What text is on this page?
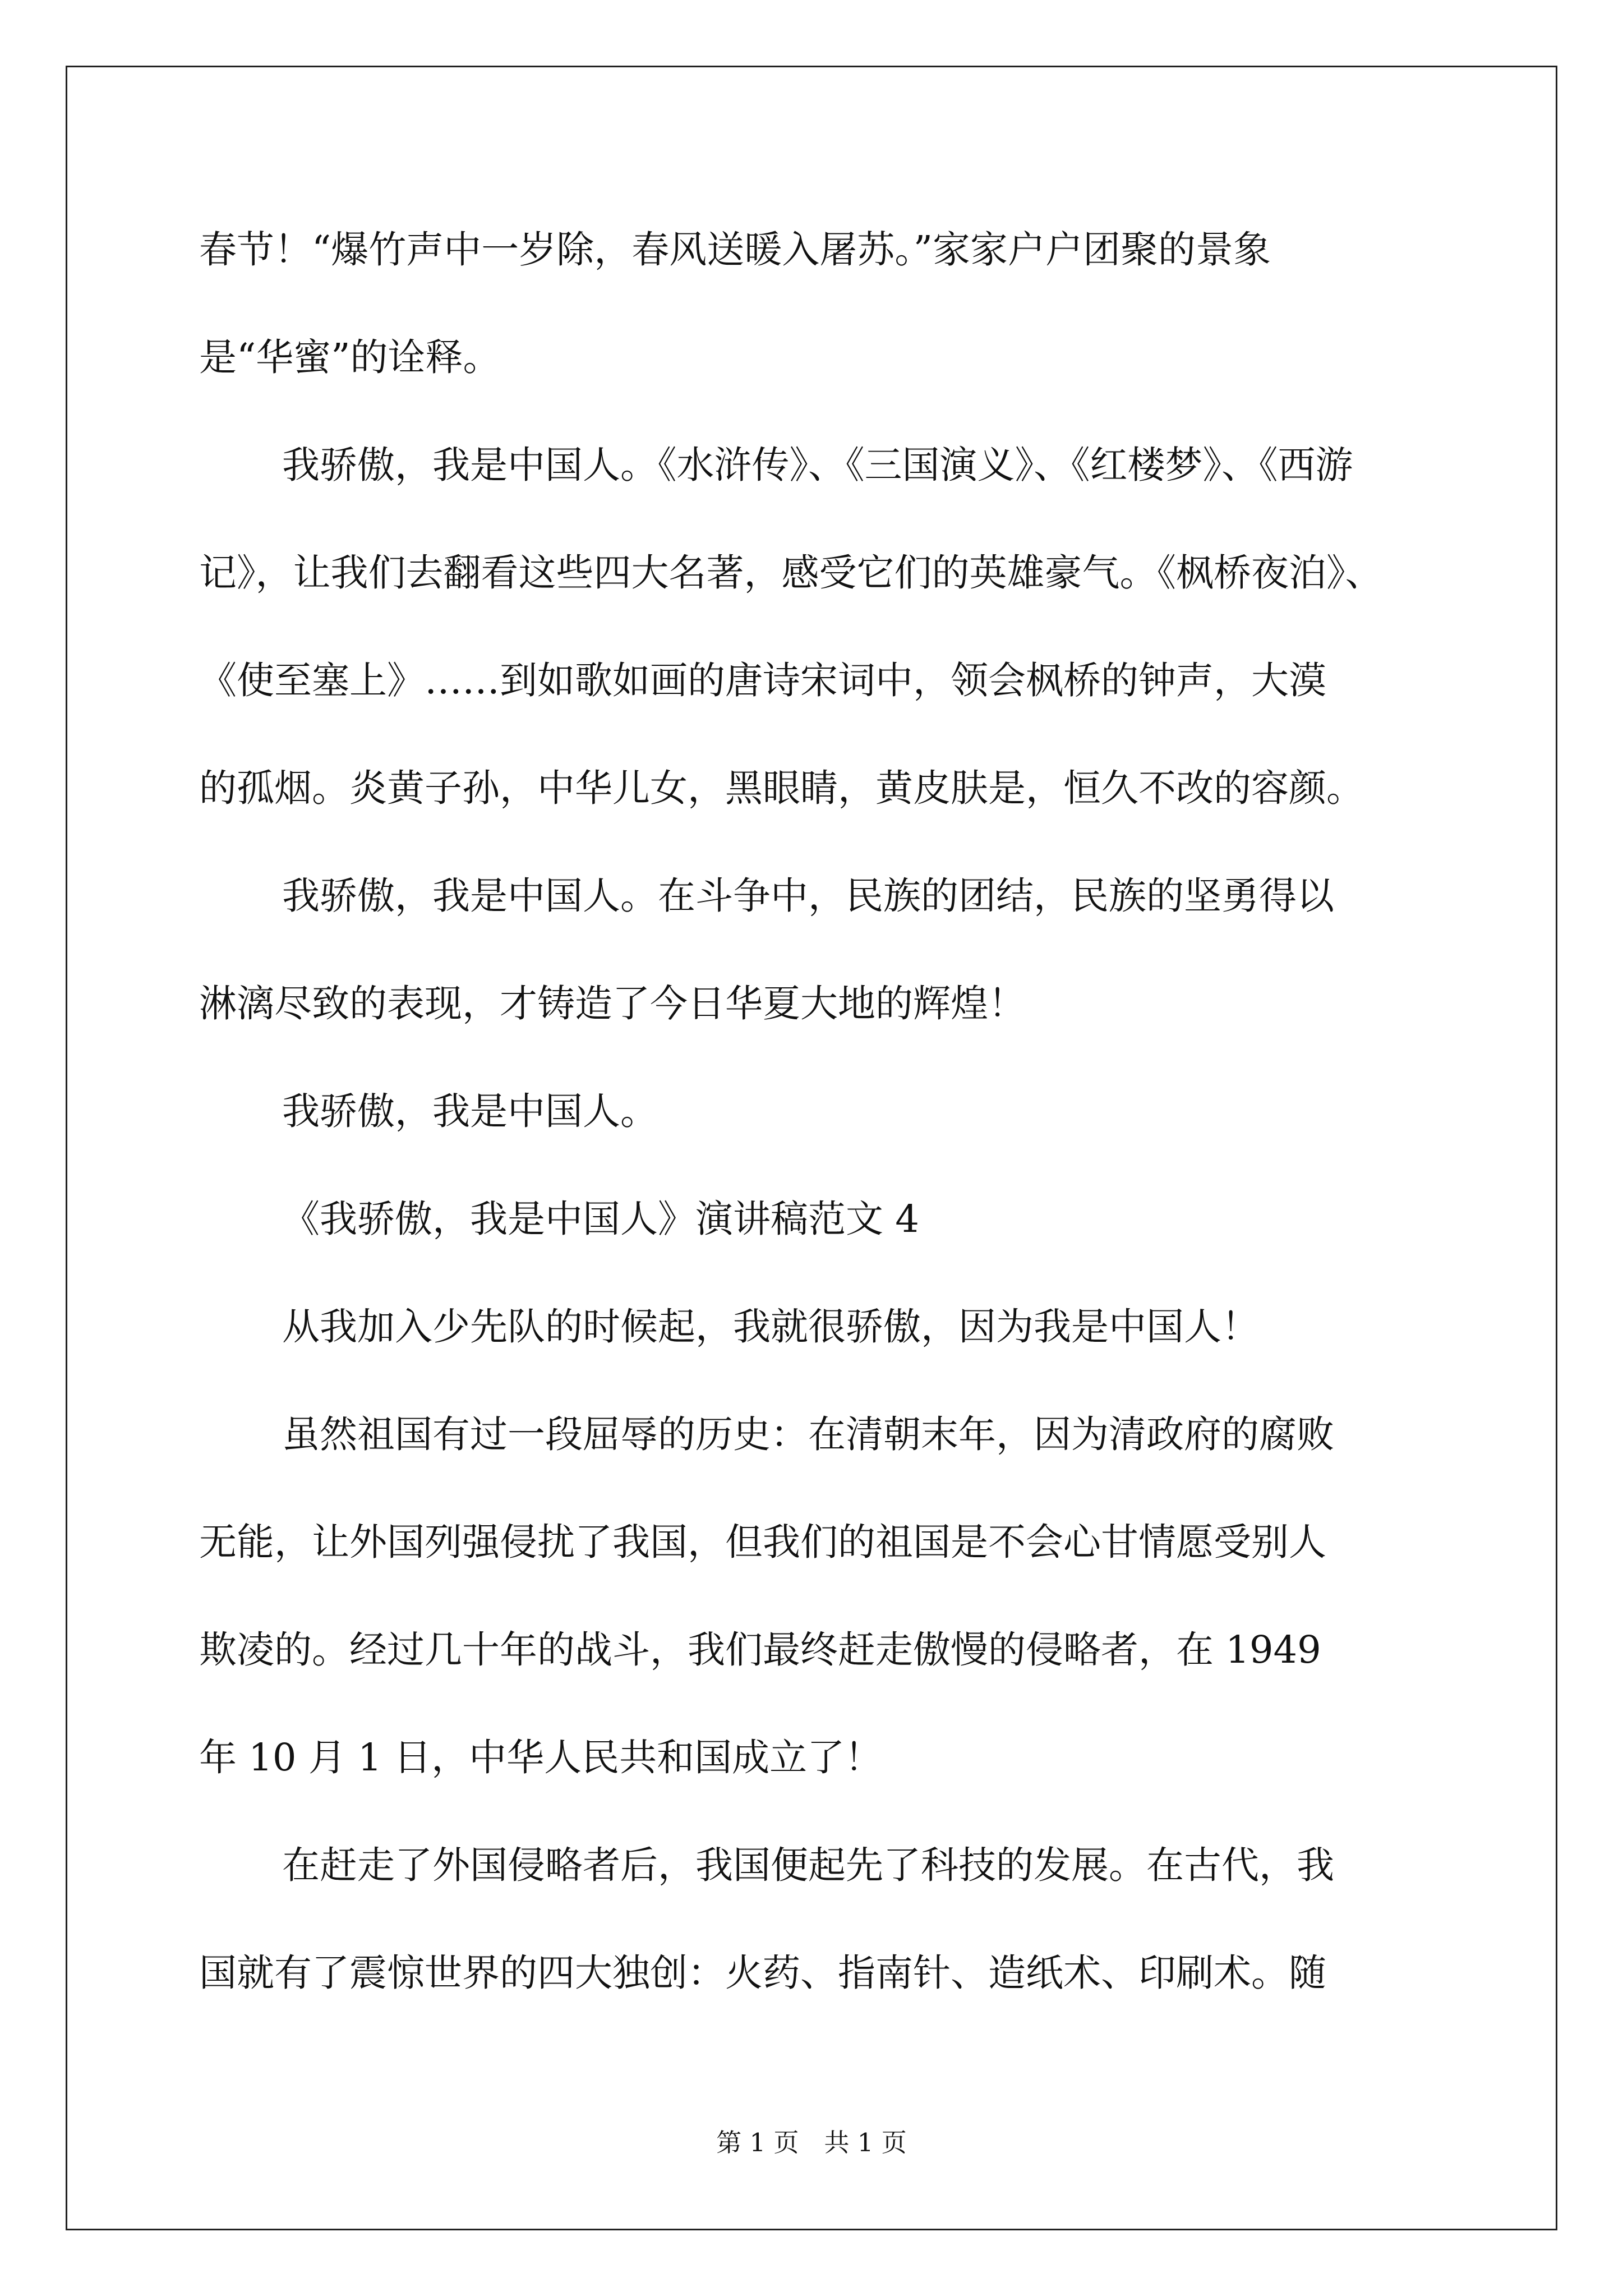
春节！“爆竹声中一岁除，春风送暖入屠苏。”家家户户团聚的景象
是“华蜜”的诠释。
我骄傲，我是中国人。《水浒传》、《三国演义》、《红楼梦》、《西游
记》，让我们去翻看这些四大名著，感受它们的英雄豪气。《枫桥夜泊》、
《使至塞上》……到如歌如画的唐诗宋词中，领会枫桥的钟声，大漠
的孤烟。炎黄子孙，中华儿女，黑眼睛，黄皮肤是，恒久不改的容颜。
我骄傲，我是中国人。在斗争中，民族的团结，民族的坚勇得以
淋漓尽致的表现，才铸造了今日华夏大地的辉煌！
我骄傲，我是中国人。
《我骄傲，我是中国人》演讲稿范文 4
从我加入少先队的时候起，我就很骄傲，因为我是中国人！
虽然祖国有过一段屈辱的历史：在清朝末年，因为清政府的腐败
无能，让外国列强侵扰了我国，但我们的祖国是不会心甘情愿受别人
欺凌的。经过几十年的战斗，我们最终赶走傲慢的侵略者，在 1949
年 10 月 1 日，中华人民共和国成立了！
在赶走了外国侵略者后，我国便起先了科技的发展。在古代，我
国就有了震惊世界的四大独创：火药、指南针、造纸术、印刷术。随
第 1 页　共 1 页
